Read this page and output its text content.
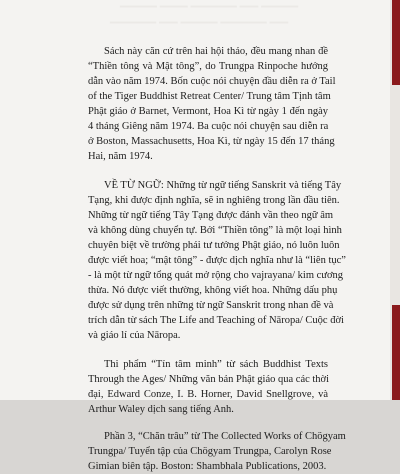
▔▔▔▔ ▔▔▔ ▔▔▔▔▔ ▔▔ ▔▔▔▔
▔▔▔▔▔ ▔▔ ▔▔▔▔ ▔▔▔▔▔ ▔▔

Sách này căn cứ trên hai hội thảo, đều mang nhan đề
“Thiền tông và Mật tông”, do Trungpa Rinpoche hướng
dẫn vào năm 1974. Bốn cuộc nói chuyện đầu diễn ra ở Tail
of the Tiger Buddhist Retreat Center/ Trung tâm Tịnh tâm
Phật giáo ở Barnet, Vermont, Hoa Kì từ ngày 1 đến ngày
4 tháng Giêng năm 1974. Ba cuộc nói chuyện sau diễn ra
ở Boston, Massachusetts, Hoa Kì, từ ngày 15 đến 17 tháng
Hai, năm 1974.

VỀ TỪ NGỮ: Những từ ngữ tiếng Sanskrit và tiếng Tây
Tạng, khi được định nghĩa, sẽ in nghiêng trong lần đầu tiên.
Những từ ngữ tiếng Tây Tạng được đánh vần theo ngữ âm
và không dùng chuyển tự. Bởi “Thiền tông” là một loại hình
chuyên biệt về trường phái tư tưởng Phật giáo, nó luôn luôn
được viết hoa; “mật tông” - được dịch nghĩa như là “liên tục”
- là một từ ngữ tổng quát mở rộng cho vajrayana/ kim cương
thừa. Nó được viết thường, không viết hoa. Những dấu phụ
được sử dụng trên những từ ngữ Sanskrit trong nhan đề và
trích dẫn từ sách The Life and Teaching of Nāropa/ Cuộc đời
và giáo lí của Nāropa.

Thi phẩm “Tín tâm minh” từ sách Buddhist Texts
Through the Ages/ Những văn bản Phật giáo qua các thời
đại, Edward Conze, I. B. Horner, David Snellgrove, và
Arthur Waley dịch sang tiếng Anh.

Phần 3, “Chăn trâu” từ The Collected Works of Chögyam
Trungpa/ Tuyển tập của Chögyam Trungpa, Carolyn Rose
Gimian biên tập. Boston: Shambhala Publications, 2003.
